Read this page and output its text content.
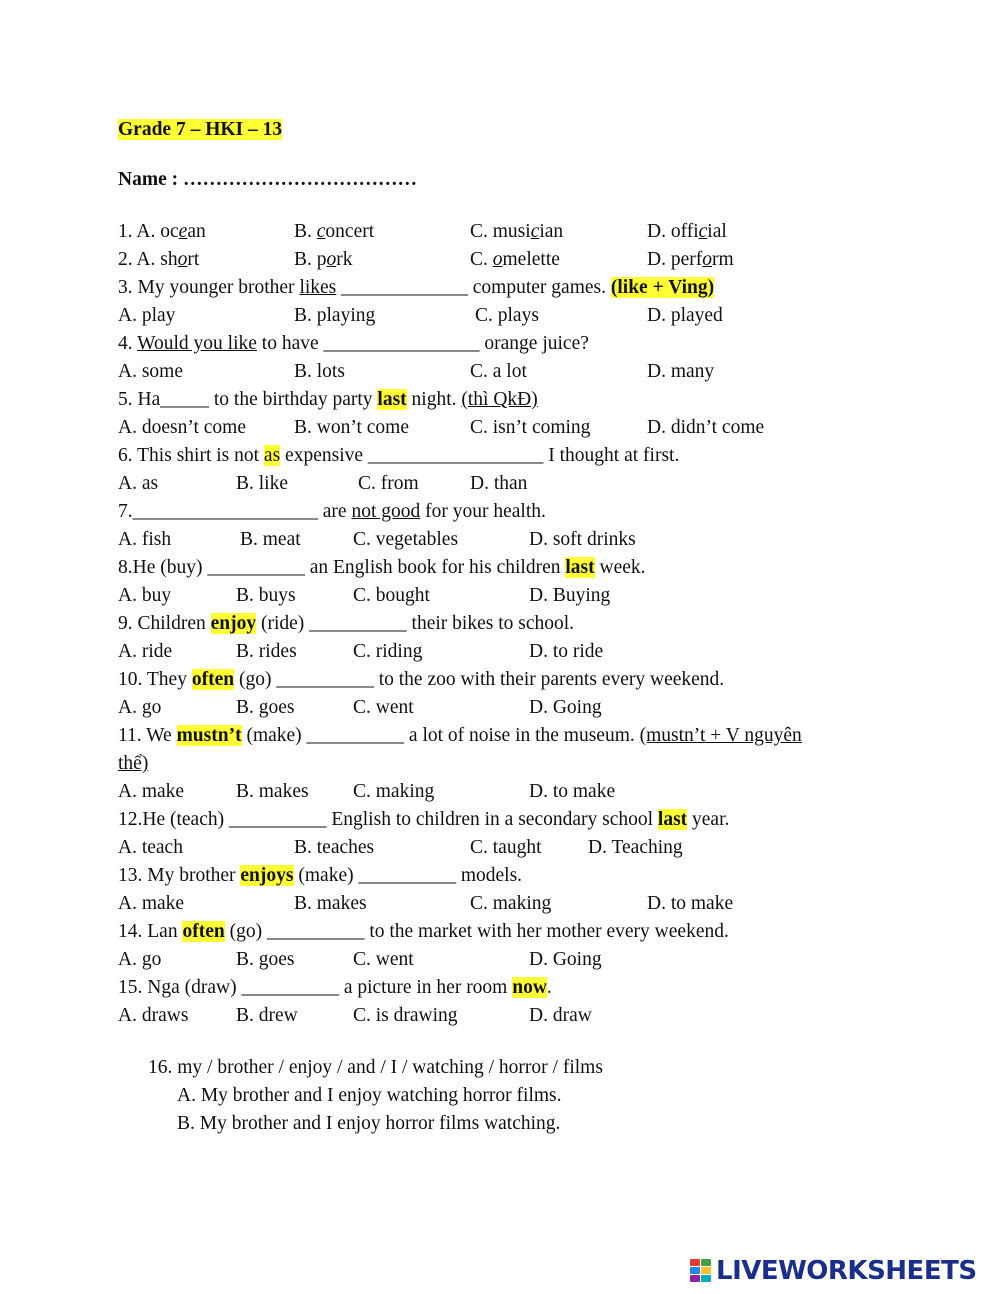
Grade 7 – HKI – 13
Name : ………………………………
1. A. ocean	B. concert	C. musician	D. official
2. A. short	B. pork	C. omelette	D. perform
3. My younger brother likes _____________ computer games. (like + Ving)
A. play	B. playing	C. plays	D. played
4. Would you like to have ________________ orange juice?
A. some	B. lots	C. a lot	D. many
5. Ha_____ to the birthday party last night. (thì QkĐ)
A. doesn’t come B. won’t come	C. isn’t coming	D. didn’t come
6. This shirt is not as expensive __________________ I thought at first.
A. as	B. like	C. from	D. than
7.___________________ are not good for your health.
A. fish	B. meat	C. vegetables	D. soft drinks
8.He (buy) __________ an English book for his children last week.
A. buy	B. buys	C. bought	D. Buying
9. Children enjoy (ride) __________ their bikes to school.
A. ride	B. rides	C. riding	D. to ride
10. They often (go) __________ to the zoo with their parents every weekend.
A. go	B. goes	C. went	D. Going
11. We mustn’t (make) __________ a lot of noise in the museum. (mustn’t + V nguyên
thể)
A. make	B. makes C. making	D. to make
12.He (teach) __________ English to children in a secondary school last year.
A. teach	B. teaches	C. taught D. Teaching
13. My brother enjoys (make) __________ models.
A. make	B. makes	C. making	D. to make
14. Lan often (go) __________ to the market with her mother every weekend.
A. go	B. goes	C. went	D. Going
15. Nga (draw) __________ a picture in her room now.
A. draws B. drew	C. is drawing	D. draw
16. my / brother / enjoy / and / I / watching / horror / films
A. My brother and I enjoy watching horror films.
B. My brother and I enjoy horror films watching.
LIVEWORKSHEETS
